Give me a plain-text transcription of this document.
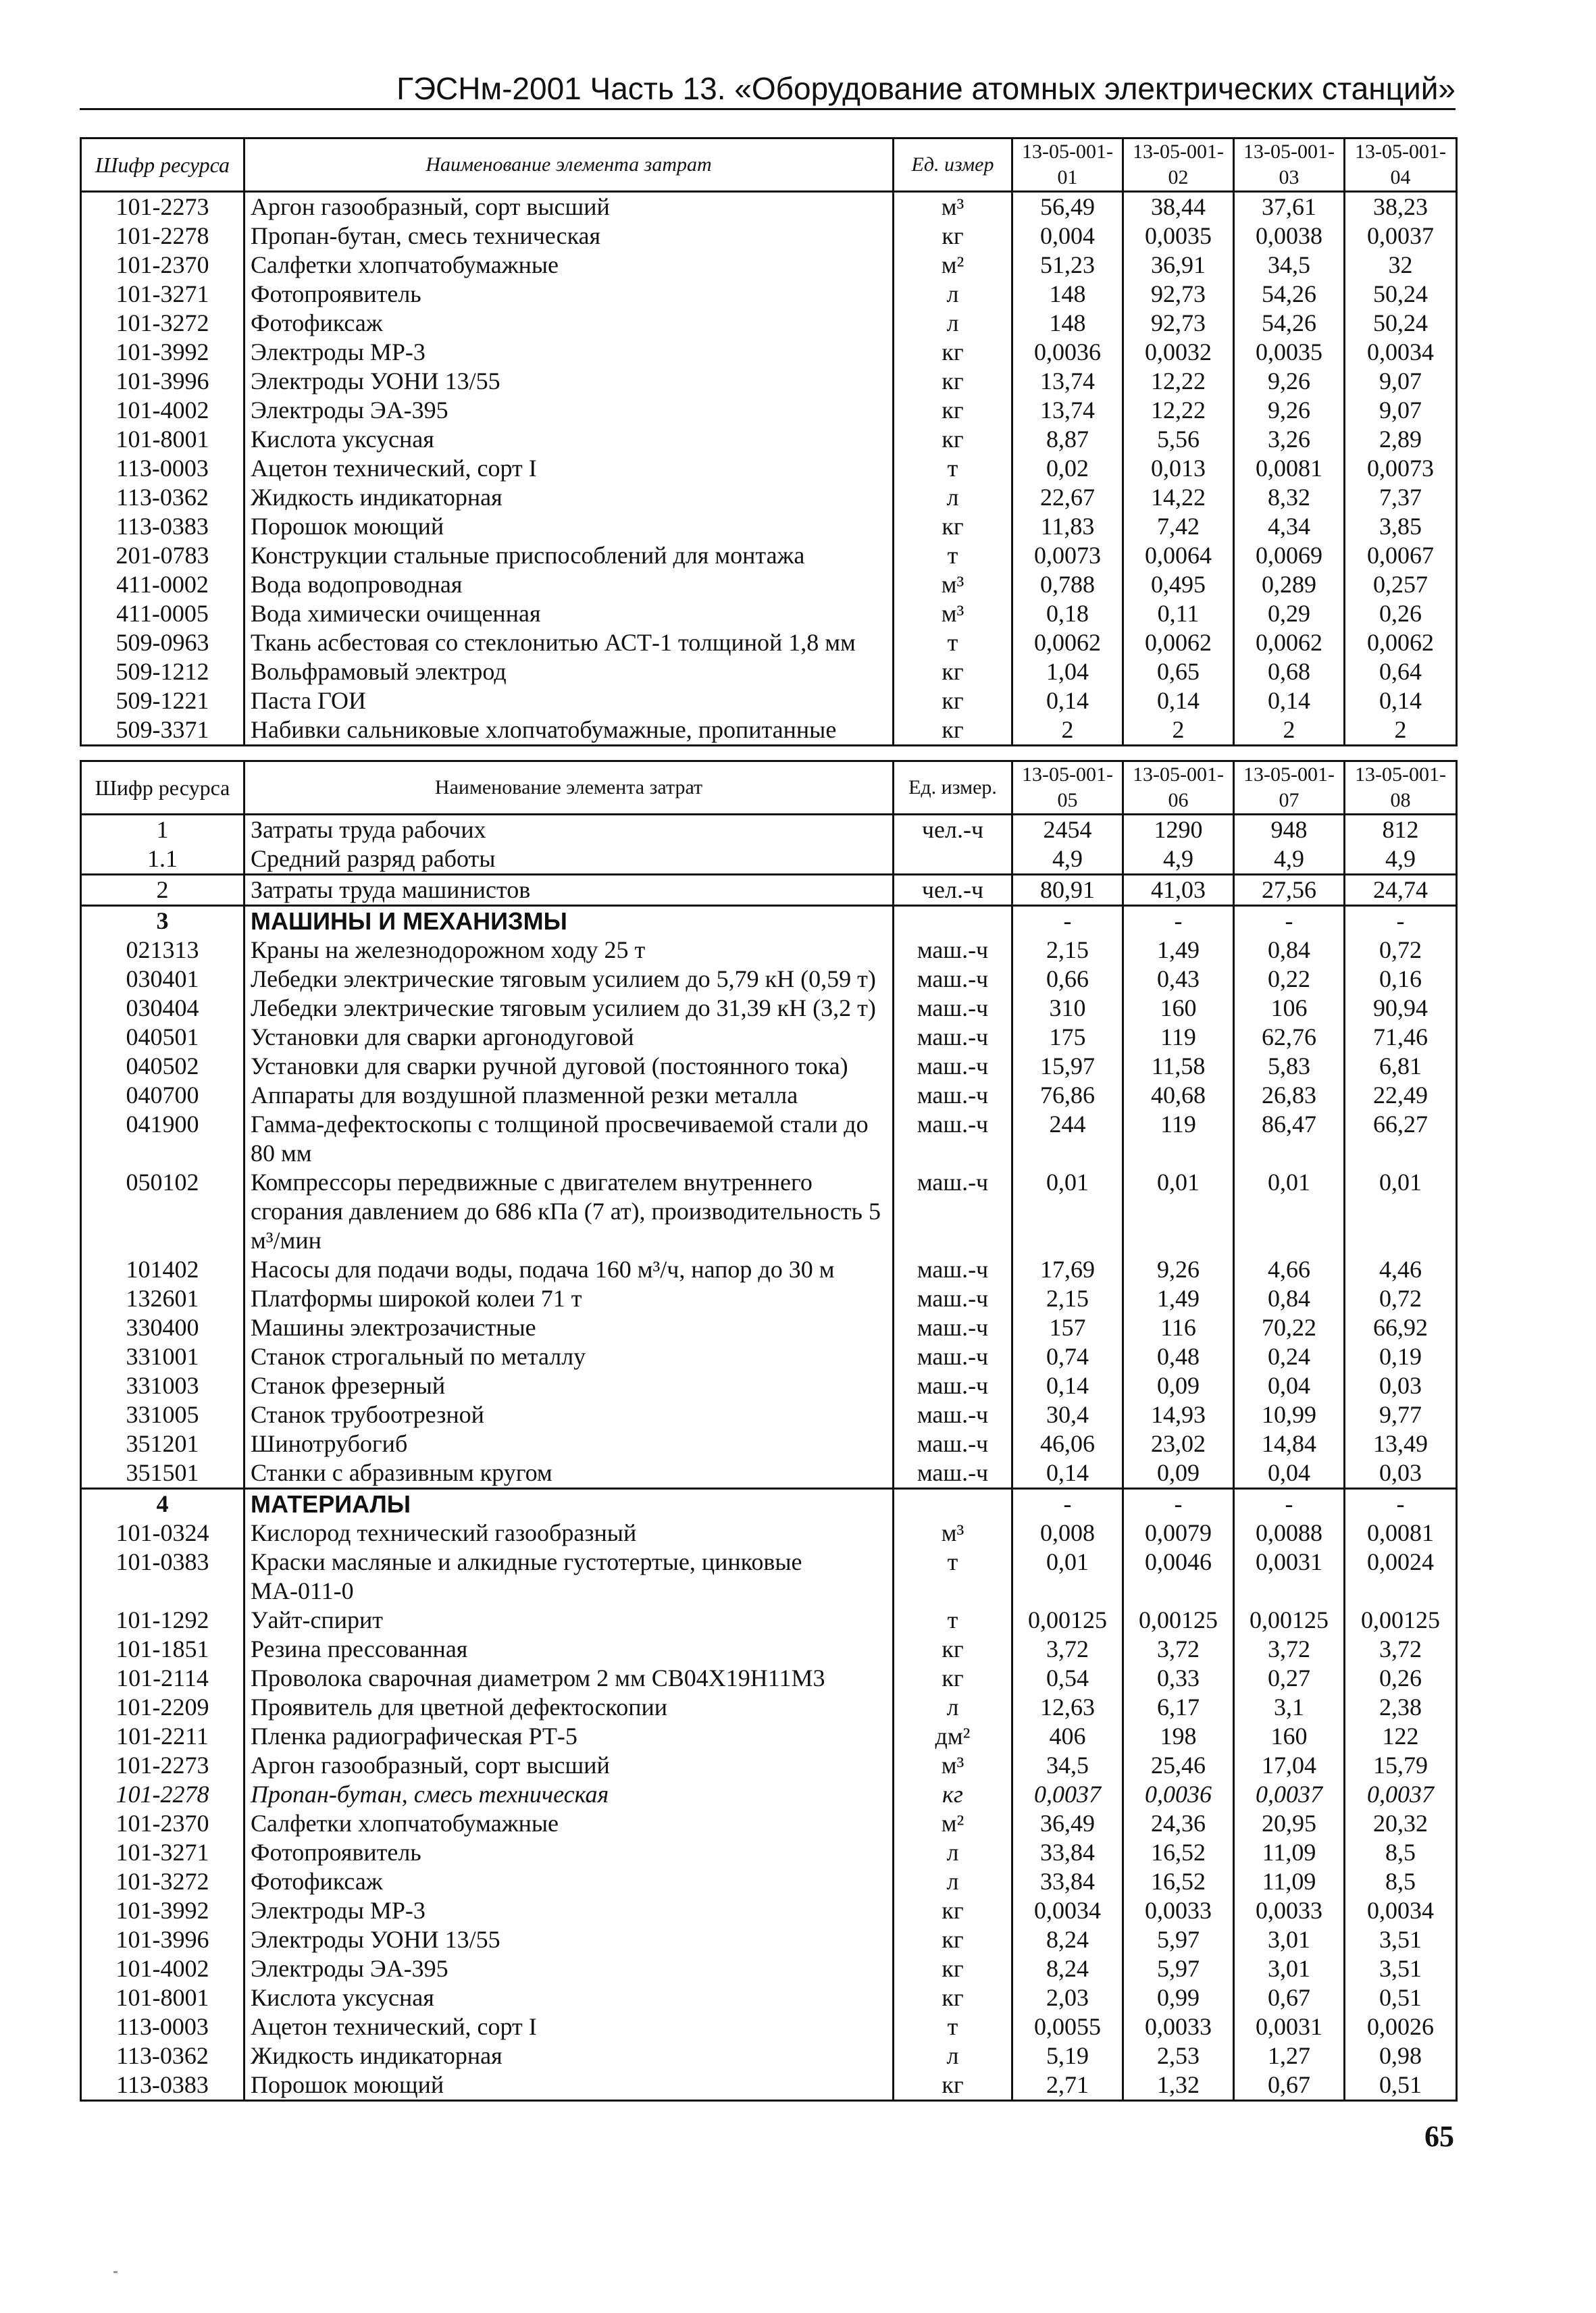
ГЭСНм-2001 Часть 13. «Оборудование атомных электрических станций»
Шифр ресурса	Наименование элемента затрат	Ед. измер	13-05-001-01	13-05-001-02	13-05-001-03	13-05-001-04
101-2273	Аргон газообразный, сорт высший	м³	56,49	38,44	37,61	38,23
101-2278	Пропан-бутан, смесь техническая	кг	0,004	0,0035	0,0038	0,0037
101-2370	Салфетки хлопчатобумажные	м²	51,23	36,91	34,5	32
101-3271	Фотопроявитель	л	148	92,73	54,26	50,24
101-3272	Фотофиксаж	л	148	92,73	54,26	50,24
101-3992	Электроды МР-3	кг	0,0036	0,0032	0,0035	0,0034
101-3996	Электроды УОНИ 13/55	кг	13,74	12,22	9,26	9,07
101-4002	Электроды ЭА-395	кг	13,74	12,22	9,26	9,07
101-8001	Кислота уксусная	кг	8,87	5,56	3,26	2,89
113-0003	Ацетон технический, сорт I	т	0,02	0,013	0,0081	0,0073
113-0362	Жидкость индикаторная	л	22,67	14,22	8,32	7,37
113-0383	Порошок моющий	кг	11,83	7,42	4,34	3,85
201-0783	Конструкции стальные приспособлений для монтажа	т	0,0073	0,0064	0,0069	0,0067
411-0002	Вода водопроводная	м³	0,788	0,495	0,289	0,257
411-0005	Вода химически очищенная	м³	0,18	0,11	0,29	0,26
509-0963	Ткань асбестовая со стеклонитью АСТ-1 толщиной 1,8 мм	т	0,0062	0,0062	0,0062	0,0062
509-1212	Вольфрамовый электрод	кг	1,04	0,65	0,68	0,64
509-1221	Паста ГОИ	кг	0,14	0,14	0,14	0,14
509-3371	Набивки сальниковые хлопчатобумажные, пропитанные	кг	2	2	2	2
Шифр ресурса	Наименование элемента затрат	Ед. измер.	13-05-001-05	13-05-001-06	13-05-001-07	13-05-001-08
1	Затраты труда рабочих	чел.-ч	2454	1290	948	812
1.1	Средний разряд работы		4,9	4,9	4,9	4,9
2	Затраты труда машинистов	чел.-ч	80,91	41,03	27,56	24,74
3	МАШИНЫ И МЕХАНИЗМЫ		-	-	-	-
021313	Краны на железнодорожном ходу 25 т	маш.-ч	2,15	1,49	0,84	0,72
030401	Лебедки электрические тяговым усилием до 5,79 кН (0,59 т)	маш.-ч	0,66	0,43	0,22	0,16
030404	Лебедки электрические тяговым усилием до 31,39 кН (3,2 т)	маш.-ч	310	160	106	90,94
040501	Установки для сварки аргонодуговой	маш.-ч	175	119	62,76	71,46
040502	Установки для сварки ручной дуговой (постоянного тока)	маш.-ч	15,97	11,58	5,83	6,81
040700	Аппараты для воздушной плазменной резки металла	маш.-ч	76,86	40,68	26,83	22,49
041900	Гамма-дефектоскопы с толщиной просвечиваемой стали до 80 мм	маш.-ч	244	119	86,47	66,27
050102	Компрессоры передвижные с двигателем внутреннего сгорания давлением до 686 кПа (7 ат), производительность 5 м³/мин	маш.-ч	0,01	0,01	0,01	0,01
101402	Насосы для подачи воды, подача 160 м³/ч, напор до 30 м	маш.-ч	17,69	9,26	4,66	4,46
132601	Платформы широкой колеи 71 т	маш.-ч	2,15	1,49	0,84	0,72
330400	Машины электрозачистные	маш.-ч	157	116	70,22	66,92
331001	Станок строгальный по металлу	маш.-ч	0,74	0,48	0,24	0,19
331003	Станок фрезерный	маш.-ч	0,14	0,09	0,04	0,03
331005	Станок трубоотрезной	маш.-ч	30,4	14,93	10,99	9,77
351201	Шинотрубогиб	маш.-ч	46,06	23,02	14,84	13,49
351501	Станки с абразивным кругом	маш.-ч	0,14	0,09	0,04	0,03
4	МАТЕРИАЛЫ		-	-	-	-
101-0324	Кислород технический газообразный	м³	0,008	0,0079	0,0088	0,0081
101-0383	Краски масляные и алкидные густотертые, цинковые МА-011-0	т	0,01	0,0046	0,0031	0,0024
101-1292	Уайт-спирит	т	0,00125	0,00125	0,00125	0,00125
101-1851	Резина прессованная	кг	3,72	3,72	3,72	3,72
101-2114	Проволока сварочная диаметром 2 мм СВ04Х19Н11М3	кг	0,54	0,33	0,27	0,26
101-2209	Проявитель для цветной дефектоскопии	л	12,63	6,17	3,1	2,38
101-2211	Пленка радиографическая РТ-5	дм²	406	198	160	122
101-2273	Аргон газообразный, сорт высший	м³	34,5	25,46	17,04	15,79
101-2278	Пропан-бутан, смесь техническая	кг	0,0037	0,0036	0,0037	0,0037
101-2370	Салфетки хлопчатобумажные	м²	36,49	24,36	20,95	20,32
101-3271	Фотопроявитель	л	33,84	16,52	11,09	8,5
101-3272	Фотофиксаж	л	33,84	16,52	11,09	8,5
101-3992	Электроды МР-3	кг	0,0034	0,0033	0,0033	0,0034
101-3996	Электроды УОНИ 13/55	кг	8,24	5,97	3,01	3,51
101-4002	Электроды ЭА-395	кг	8,24	5,97	3,01	3,51
101-8001	Кислота уксусная	кг	2,03	0,99	0,67	0,51
113-0003	Ацетон технический, сорт I	т	0,0055	0,0033	0,0031	0,0026
113-0362	Жидкость индикаторная	л	5,19	2,53	1,27	0,98
113-0383	Порошок моющий	кг	2,71	1,32	0,67	0,51
65
